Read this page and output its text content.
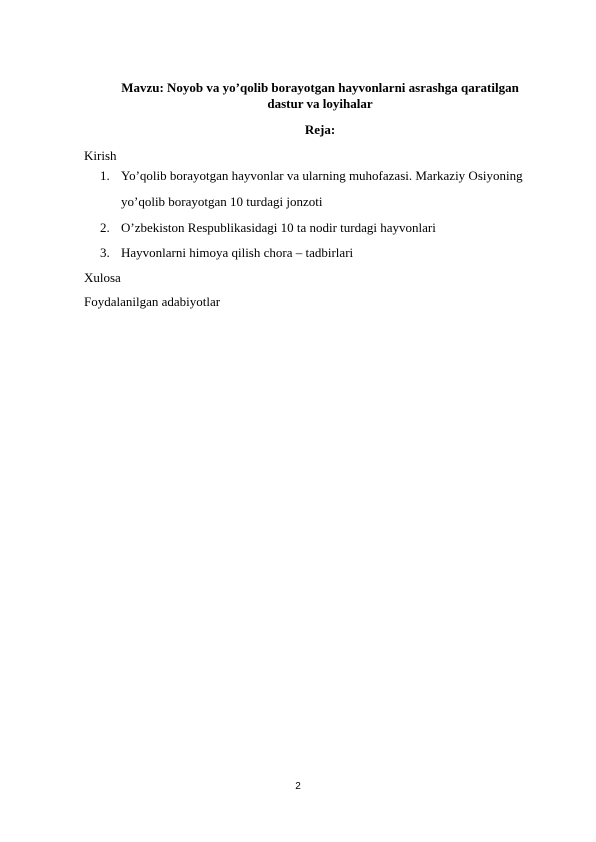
Mavzu: Noyob va yo’qolib borayotgan hayvonlarni asrashga qaratilgan
dastur va loyihalar
Reja:
Kirish
1. Yo’qolib borayotgan hayvonlar va ularning muhofazasi. Markaziy Osiyoning
yo’qolib borayotgan 10 turdagi jonzoti
2. O’zbekiston Respublikasidagi 10 ta nodir turdagi hayvonlari
3. Hayvonlarni himoya qilish chora – tadbirlari
Xulosa
Foydalanilgan adabiyotlar
2
